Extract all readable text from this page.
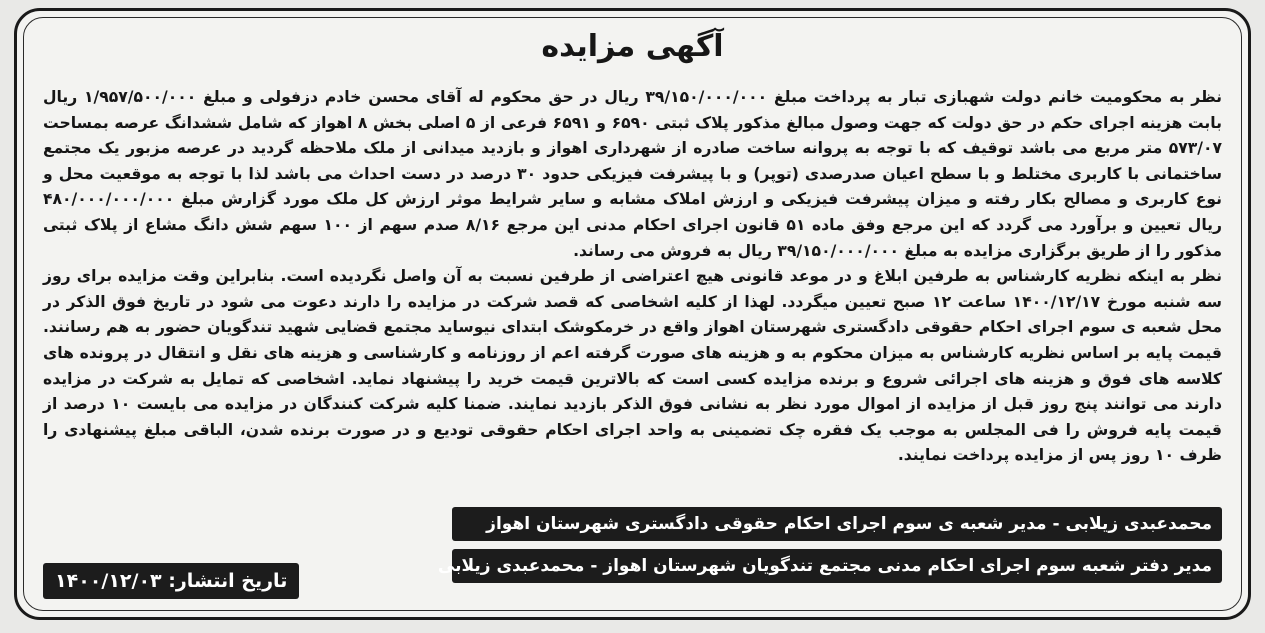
آگهی مزایده

نظر به محکومیت خانم دولت شهبازی تبار به پرداخت مبلغ ۳۹/۱۵۰/۰۰۰/۰۰۰ ریال در حق محکوم له آقای محسن خادم دزفولی و مبلغ ۱/۹۵۷/۵۰۰/۰۰۰ ریال بابت هزینه اجرای حکم در حق دولت که جهت وصول مبالغ مذکور پلاک ثبتی ۶۵۹۰ و ۶۵۹۱ فرعی از ۵ اصلی بخش ۸ اهواز که شامل ششدانگ عرصه بمساحت ۵۷۳/۰۷ متر مربع می باشد توقیف که با توجه به پروانه ساخت صادره از شهرداری اهواز و بازدید میدانی از ملک ملاحظه گردید در عرصه مزبور یک مجتمع ساختمانی با کاربری مختلط و با سطح اعیان صدرصدی (توپر) و با پیشرفت فیزیکی حدود ۳۰ درصد در دست احداث می باشد لذا با توجه به موقعیت محل و نوع کاربری و مصالح بکار رفته و میزان پیشرفت فیزیکی و ارزش املاک مشابه و سایر شرایط موثر ارزش کل ملک مورد گزارش مبلغ ۴۸۰/۰۰۰/۰۰۰/۰۰۰ ریال تعیین و برآورد می گردد که این مرجع وفق ماده ۵۱ قانون اجرای احکام مدنی این مرجع ۸/۱۶ صدم سهم از ۱۰۰ سهم شش دانگ مشاع از پلاک ثبتی مذکور را از طریق برگزاری مزایده به مبلغ ۳۹/۱۵۰/۰۰۰/۰۰۰ ریال به فروش می رساند.

نظر به اینکه نظریه کارشناس به طرفین ابلاغ و در موعد قانونی هیچ اعتراضی از طرفین نسبت به آن واصل نگردیده است. بنابراین وقت مزایده برای روز سه شنبه مورخ ۱۴۰۰/۱۲/۱۷ ساعت ۱۲ صبح تعیین میگردد. لهذا از کلیه اشخاصی که قصد شرکت در مزایده را دارند دعوت می شود در تاریخ فوق الذکر در محل شعبه ی سوم اجرای احکام حقوقی دادگستری شهرستان اهواز واقع در خرمکوشک ابتدای نیوساید مجتمع قضایی شهید تندگویان حضور به هم رسانند. قیمت پایه بر اساس نظریه کارشناس به میزان محکوم به و هزینه های صورت گرفته اعم از روزنامه و کارشناسی و هزینه های نقل و انتقال در پرونده های کلاسه های فوق و هزینه های اجرائی شروع و برنده مزایده کسی است که بالاترین قیمت خرید را پیشنهاد نماید. اشخاصی که تمایل به شرکت در مزایده دارند می توانند پنج روز قبل از مزایده از اموال مورد نظر به نشانی فوق الذکر بازدید نمایند. ضمنا کلیه شرکت کنندگان در مزایده می بایست ۱۰ درصد از قیمت پایه فروش را فی المجلس به موجب یک فقره چک تضمینی به واحد اجرای احکام حقوقی تودیع و در صورت برنده شدن، الباقی مبلغ پیشنهادی را ظرف ۱۰ روز پس از مزایده پرداخت نمایند.

محمدعبدی زیلابی - مدیر شعبه ی سوم اجرای احکام حقوقی دادگستری شهرستان اهواز
مدیر دفتر شعبه سوم اجرای احکام مدنی مجتمع تندگویان شهرستان اهواز - محمدعبدی زیلابی
تاریخ انتشار: ۱۴۰۰/۱۲/۰۳
